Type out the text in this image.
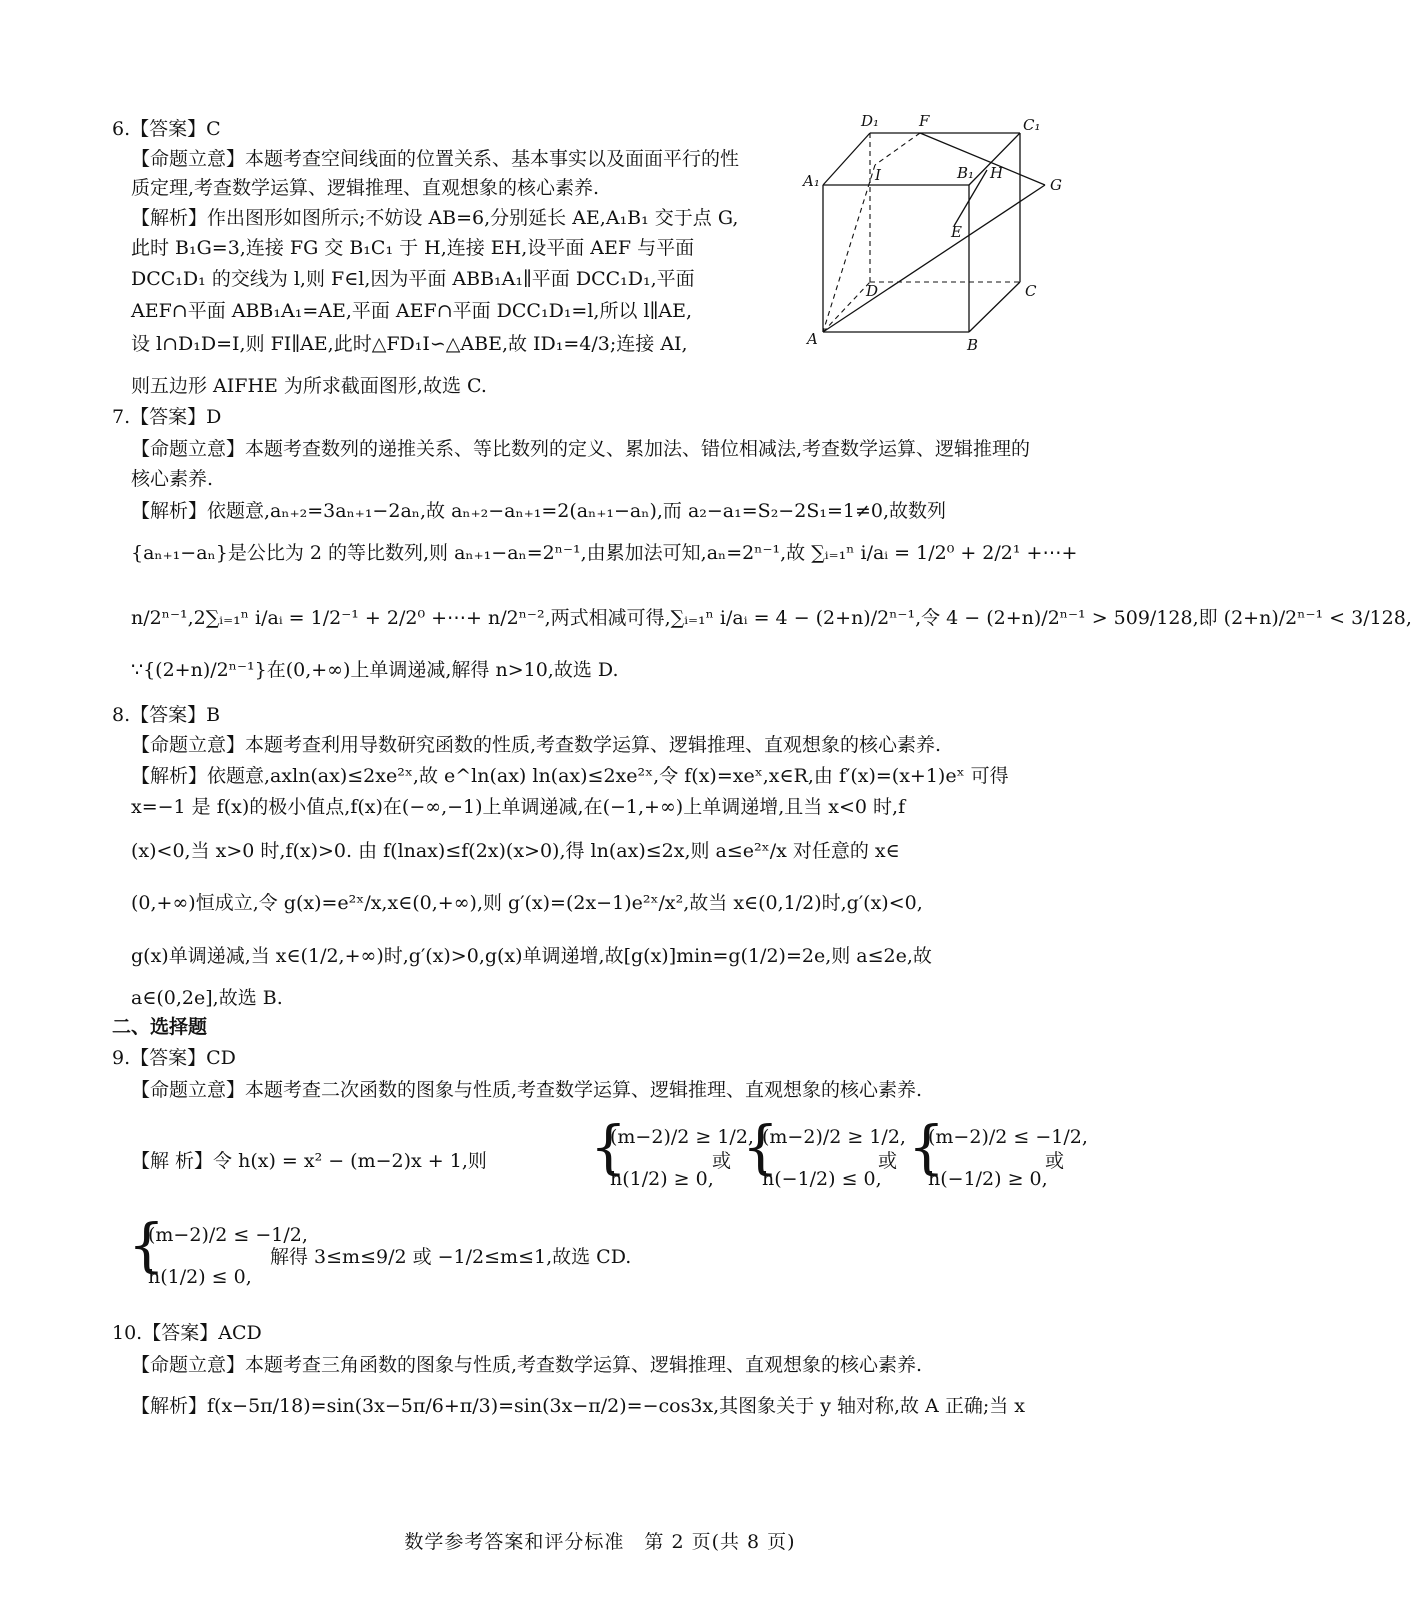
6.【答案】C
【命题立意】本题考查空间线面的位置关系、基本事实以及面面平行的性
质定理,考查数学运算、逻辑推理、直观想象的核心素养.
【解析】作出图形如图所示;不妨设 AB=6,分别延长 AE,A₁B₁ 交于点 G,
此时 B₁G=3,连接 FG 交 B₁C₁ 于 H,连接 EH,设平面 AEF 与平面
DCC₁D₁ 的交线为 l,则 F∈l,因为平面 ABB₁A₁∥平面 DCC₁D₁,平面
AEF∩平面 ABB₁A₁=AE,平面 AEF∩平面 DCC₁D₁=l,所以 l∥AE,
设 l∩D₁D=I,则 FI∥AE,此时△FD₁I∽△ABE,故 ID₁=4/3;连接 AI,
则五边形 AIFHE 为所求截面图形,故选 C.
7.【答案】D
【命题立意】本题考查数列的递推关系、等比数列的定义、累加法、错位相减法,考查数学运算、逻辑推理的
核心素养.
【解析】依题意,aₙ₊₂=3aₙ₊₁−2aₙ,故 aₙ₊₂−aₙ₊₁=2(aₙ₊₁−aₙ),而 a₂−a₁=S₂−2S₁=1≠0,故数列
{aₙ₊₁−aₙ}是公比为 2 的等比数列,则 aₙ₊₁−aₙ=2ⁿ⁻¹,由累加法可知,aₙ=2ⁿ⁻¹,故 ∑ᵢ₌₁ⁿ i/aᵢ = 1/2⁰ + 2/2¹ +⋯+
n/2ⁿ⁻¹,2∑ᵢ₌₁ⁿ i/aᵢ = 1/2⁻¹ + 2/2⁰ +⋯+ n/2ⁿ⁻²,两式相减可得,∑ᵢ₌₁ⁿ i/aᵢ = 4 − (2+n)/2ⁿ⁻¹,令 4 − (2+n)/2ⁿ⁻¹ > 509/128,即 (2+n)/2ⁿ⁻¹ < 3/128,
∵{(2+n)/2ⁿ⁻¹}在(0,+∞)上单调递减,解得 n>10,故选 D.
8.【答案】B
【命题立意】本题考查利用导数研究函数的性质,考查数学运算、逻辑推理、直观想象的核心素养.
【解析】依题意,axln(ax)≤2xe²ˣ,故 e^ln(ax) ln(ax)≤2xe²ˣ,令 f(x)=xeˣ,x∈R,由 f′(x)=(x+1)eˣ 可得
x=−1 是 f(x)的极小值点,f(x)在(−∞,−1)上单调递减,在(−1,+∞)上单调递增,且当 x<0 时,f
(x)<0,当 x>0 时,f(x)>0. 由 f(lnax)≤f(2x)(x>0),得 ln(ax)≤2x,则 a≤e²ˣ/x 对任意的 x∈
(0,+∞)恒成立,令 g(x)=e²ˣ/x,x∈(0,+∞),则 g′(x)=(2x−1)e²ˣ/x²,故当 x∈(0,1/2)时,g′(x)<0,
g(x)单调递减,当 x∈(1/2,+∞)时,g′(x)>0,g(x)单调递增,故[g(x)]min=g(1/2)=2e,则 a≤2e,故
a∈(0,2e],故选 B.
二、选择题
9.【答案】CD
【命题立意】本题考查二次函数的图象与性质,考查数学运算、逻辑推理、直观想象的核心素养.
10.【答案】ACD
【命题立意】本题考查三角函数的图象与性质,考查数学运算、逻辑推理、直观想象的核心素养.
【解析】f(x−5π/18)=sin(3x−5π/6+π/3)=sin(3x−π/2)=−cos3x,其图象关于 y 轴对称,故 A 正确;当 x
【解 析】令 h(x) = x² − (m−2)x + 1,则 {
(m−2)/2 ≥ 1/2,
h(1/2) ≥ 0,
或 {
(m−2)/2 ≥ 1/2,
h(−1/2) ≤ 0,
或 {
(m−2)/2 ≤ −1/2,
h(−1/2) ≥ 0,
或
{
(m−2)/2 ≤ −1/2,
h(1/2) ≤ 0,
解得 3≤m≤9/2 或 −1/2≤m≤1,故选 CD.
D₁	F	C₁
A₁	I	B₁ H
G
E
D	C
A	B
数学参考答案和评分标准　第 2 页(共 8 页)
